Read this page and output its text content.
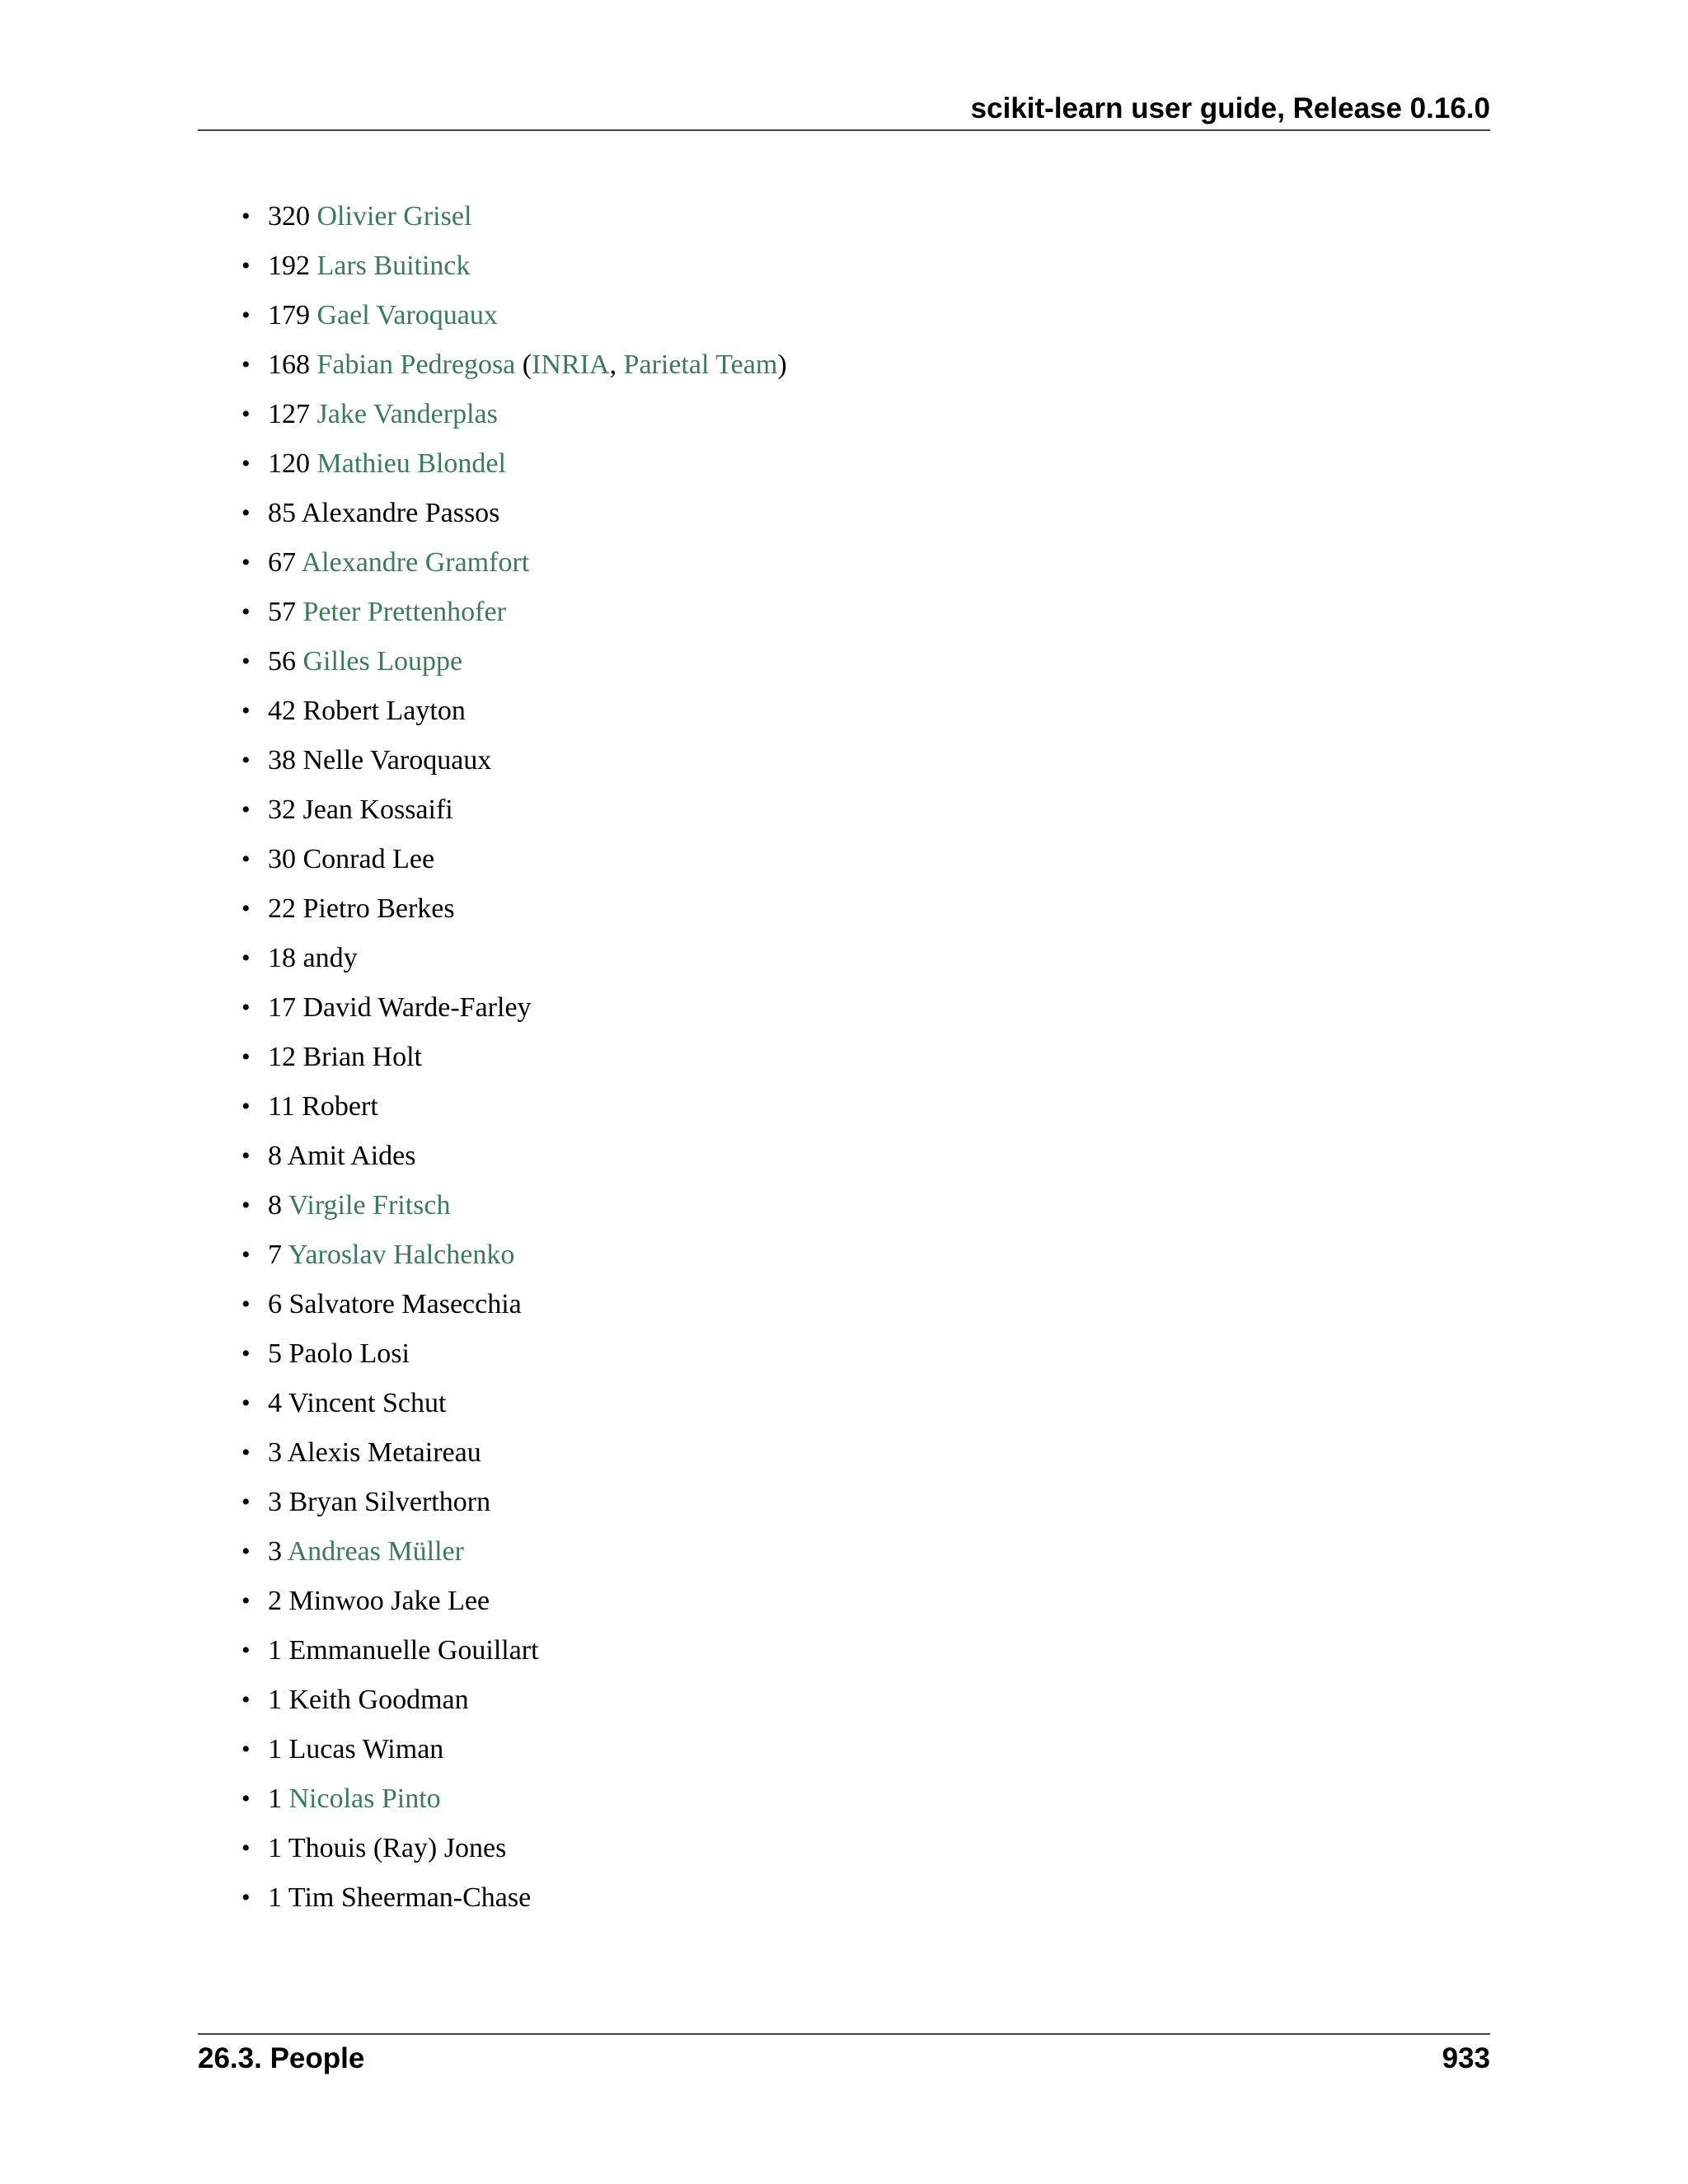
scikit-learn user guide, Release 0.16.0
• 320 Olivier Grisel
• 192 Lars Buitinck
• 179 Gael Varoquaux
• 168 Fabian Pedregosa (INRIA, Parietal Team)
• 127 Jake Vanderplas
• 120 Mathieu Blondel
• 85 Alexandre Passos
• 67 Alexandre Gramfort
• 57 Peter Prettenhofer
• 56 Gilles Louppe
• 42 Robert Layton
• 38 Nelle Varoquaux
• 32 Jean Kossaifi
• 30 Conrad Lee
• 22 Pietro Berkes
• 18 andy
• 17 David Warde-Farley
• 12 Brian Holt
• 11 Robert
• 8 Amit Aides
• 8 Virgile Fritsch
• 7 Yaroslav Halchenko
• 6 Salvatore Masecchia
• 5 Paolo Losi
• 4 Vincent Schut
• 3 Alexis Metaireau
• 3 Bryan Silverthorn
• 3 Andreas Müller
• 2 Minwoo Jake Lee
• 1 Emmanuelle Gouillart
• 1 Keith Goodman
• 1 Lucas Wiman
• 1 Nicolas Pinto
• 1 Thouis (Ray) Jones
• 1 Tim Sheerman-Chase
26.3. People	933
